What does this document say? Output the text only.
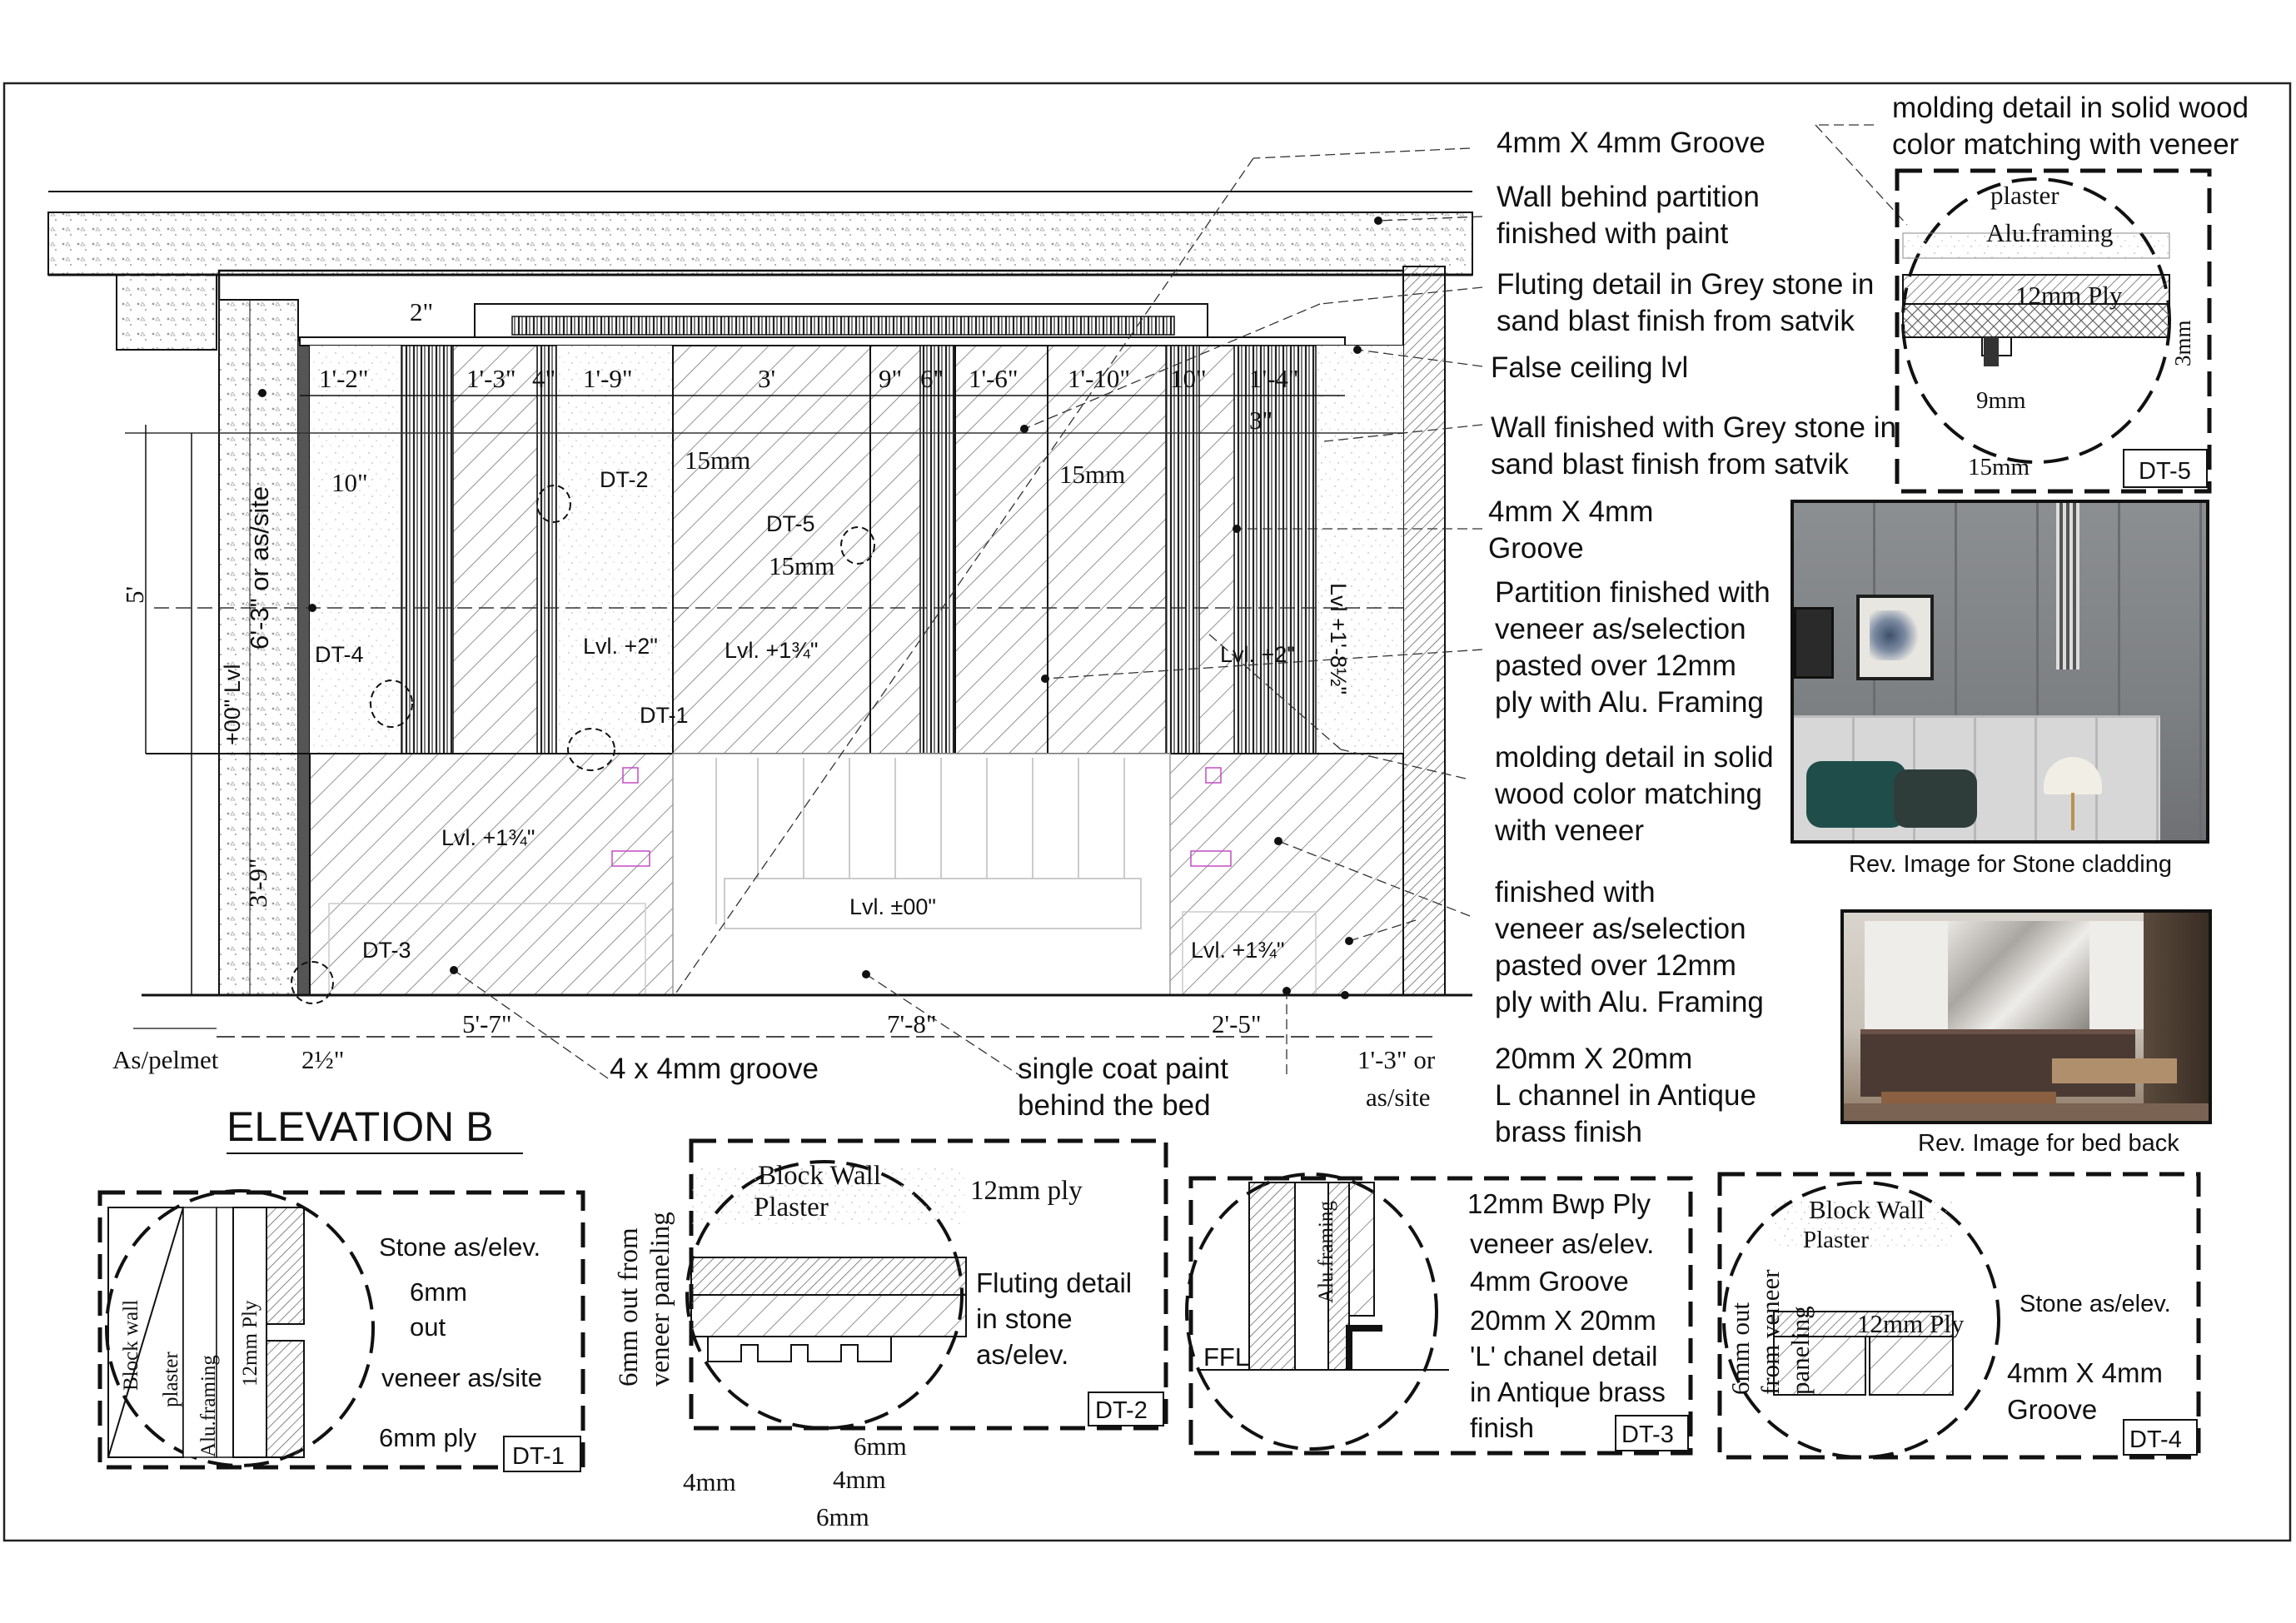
ELEVATION B
2"
1'-2"	1'-3" 4" 1'-9"	3'	9" 6" 1'-6" 1'-10" 10" 1'-4"
3"
10"
15mm	15mm
15mm
5'
3'-9"
6'-3" or as/site
+00" Lvl
Lvl +1'-8½"
Lvl. +2"	Lvl. +1¾"	Lvl. +2"
Lvl. +1¾"
Lvl. ±00"
Lvl. +1¾"
DT-2
DT-5
DT-4
DT-1
DT-3
As/pelmet	2½"
5'-7"	7'-8"	2'-5"
1'-3" or
as/site
plaster
Alu.framing
12mm Ply
3mm
9mm
15mm	DT-5
Block wall plaster Alu.framing
12mm Ply
Stone as/elev.
6mm out
veneer as/site
6mm ply
DT-1
6mm out from veneer paneling
Block Wall
Plaster
12mm ply
Fluting detail in stone as/elev.
6mm
4mm	4mm
6mm
DT-2
Alu.framing
FFL
12mm Bwp Ply
veneer as/elev.
4mm Groove
20mm X 20mm 'L' chanel detail in Antique brass finish	DT-3
6mm out from veneer paneling
Block Wall
Plaster
12mm Ply
Stone as/elev.
4mm X 4mm Groove
DT-4
4mm X 4mm Groove
Wall behind partition
finished with paint
Fluting detail in Grey stone in
sand blast finish from satvik
False ceiling lvl
Wall finished with Grey stone in
sand blast finish from satvik
4mm X 4mm
Groove
Partition finished with
veneer as/selection
pasted over 12mm
ply with Alu. Framing
molding detail in solid
wood color matching
with veneer
finished with
veneer as/selection
pasted over 12mm
ply with Alu. Framing
20mm X 20mm
L channel in Antique
brass finish
4 x 4mm groove	single coat paint
behind the bed
molding detail in solid wood
color matching with veneer
Rev. Image for Stone cladding
Rev. Image for bed back
